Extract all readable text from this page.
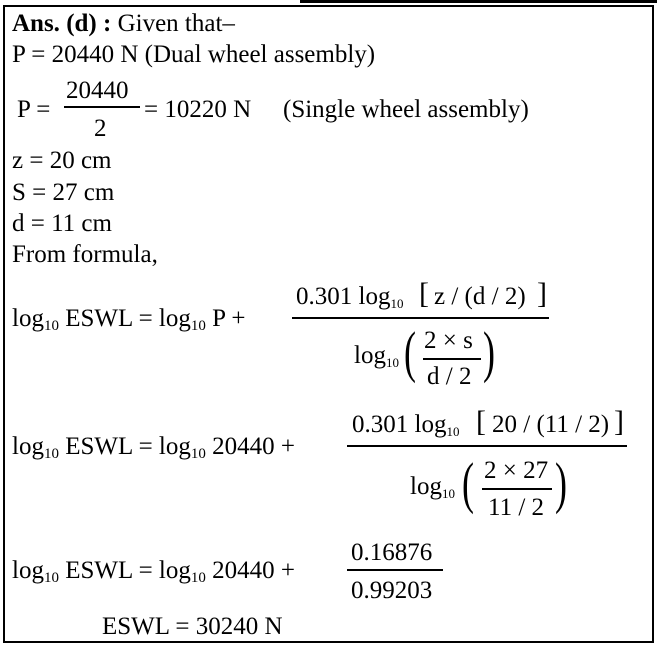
Ans. (d) : Given that–
P = 20440 N (Dual wheel assembly)
P =
20440
2
= 10220 N (Single wheel assembly)
z = 20 cm
S = 27 cm
d = 11 cm
From formula,
$\log_{10}$ ESWL = $\log_{10} P$ +
0.301 $\log_{10}$ [ z / (d / 2) ]
$\log_{10}$ ( 2 × s
d / 2 )
$\log_{10}$ ESWL = $\log_{10} 20440$ +
0.301 $\log_{10}$ [ 20 / (11 / 2) ]
$\log_{10}$ ( 2 × 27
11 / 2 )
$\log_{10}$ ESWL = $\log_{10} 20440$ +
0.16876
0.99203
ESWL = 30240 N
